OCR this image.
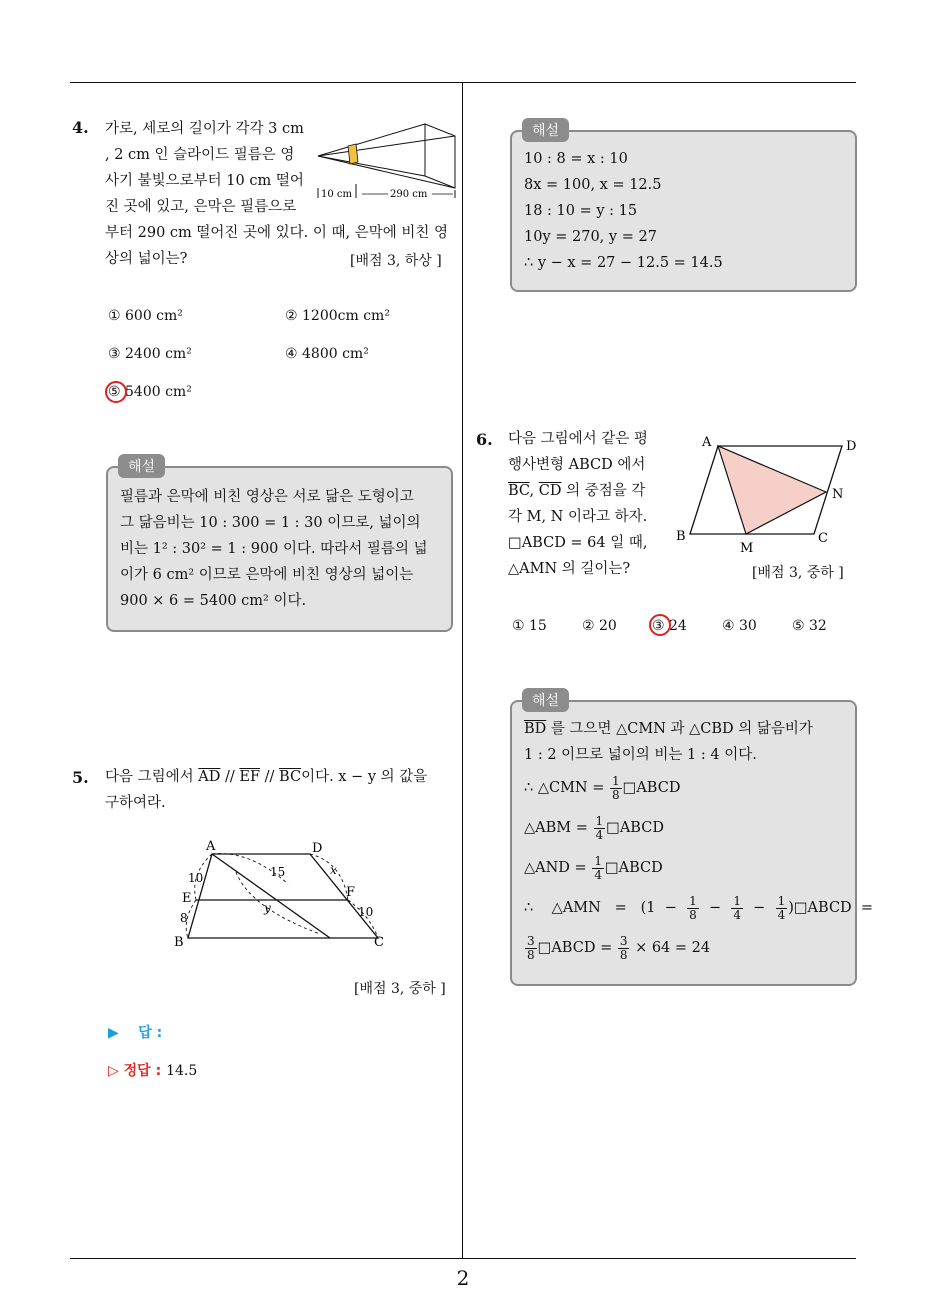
2
4. 가로, 세로의 길이가 각각 3 cm
, 2 cm 인 슬라이드 필름은 영
사기 불빛으로부터 10 cm 떨어
진 곳에 있고, 은막은 필름으로
부터 290 cm 떨어진 곳에 있다. 이 때, 은막에 비친 영
상의 넓이는?	[배점 3, 하상 ]
10 cm	290 cm
① 600 cm²	② 1200cm cm²
③ 2400 cm²	④ 4800 cm²
⑤ 5400 cm²
필름과 은막에 비친 영상은 서로 닮은 도형이고
그 닮음비는 10 : 300 = 1 : 30 이므로, 넓이의
비는 1² : 30² = 1 : 900 이다. 따라서 필름의 넓
이가 6 cm² 이므로 은막에 비친 영상의 넓이는
900 × 6 = 5400 cm² 이다.
해설
5. 다음 그림에서 $\overline{AD} // \overline{EF} // \overline{BC}$이다. x − y 의 값을
구하여라.
A	D
E	F
B	C
10
8
15	x
y	10
[배점 3, 중하 ]
▶ 답 :
▷ 정답 : 14.5
10 : 8 = x : 10
8x = 100, x = 12.5
18 : 10 = y : 15
10y = 270, y = 27
∴ y − x = 27 − 12.5 = 14.5
해설
6. 다음 그림에서 같은 평
행사변형 ABCD 에서
$\overline{BC}$, $\overline{CD}$ 의 중점을 각
각 M, N 이라고 하자.
□ABCD = 64 일 때,
△AMN 의 길이는?	[배점 3, 중하 ]
A	D
N
B
M
C
① 15	② 20	③ 24	④ 30	⑤ 32
$\overline{BD}$ 를 그으면 △CMN 과 △CBD 의 닮음비가
1 : 2 이므로 넓이의 비는 1 : 4 이다.
∴ △CMN = $\frac{1}{8}$ □ABCD
△ABM = $\frac{1}{4}$ □ABCD
△AND = $\frac{1}{4}$ □ABCD
∴    △AMN   =   ($1 - \frac{1}{8} - \frac{1}{4} - \frac{1}{4}$ )□ABCD  =
$\frac{3}{8}$ □ABCD = $\frac{3}{8} \times 64 = 24$
해설
